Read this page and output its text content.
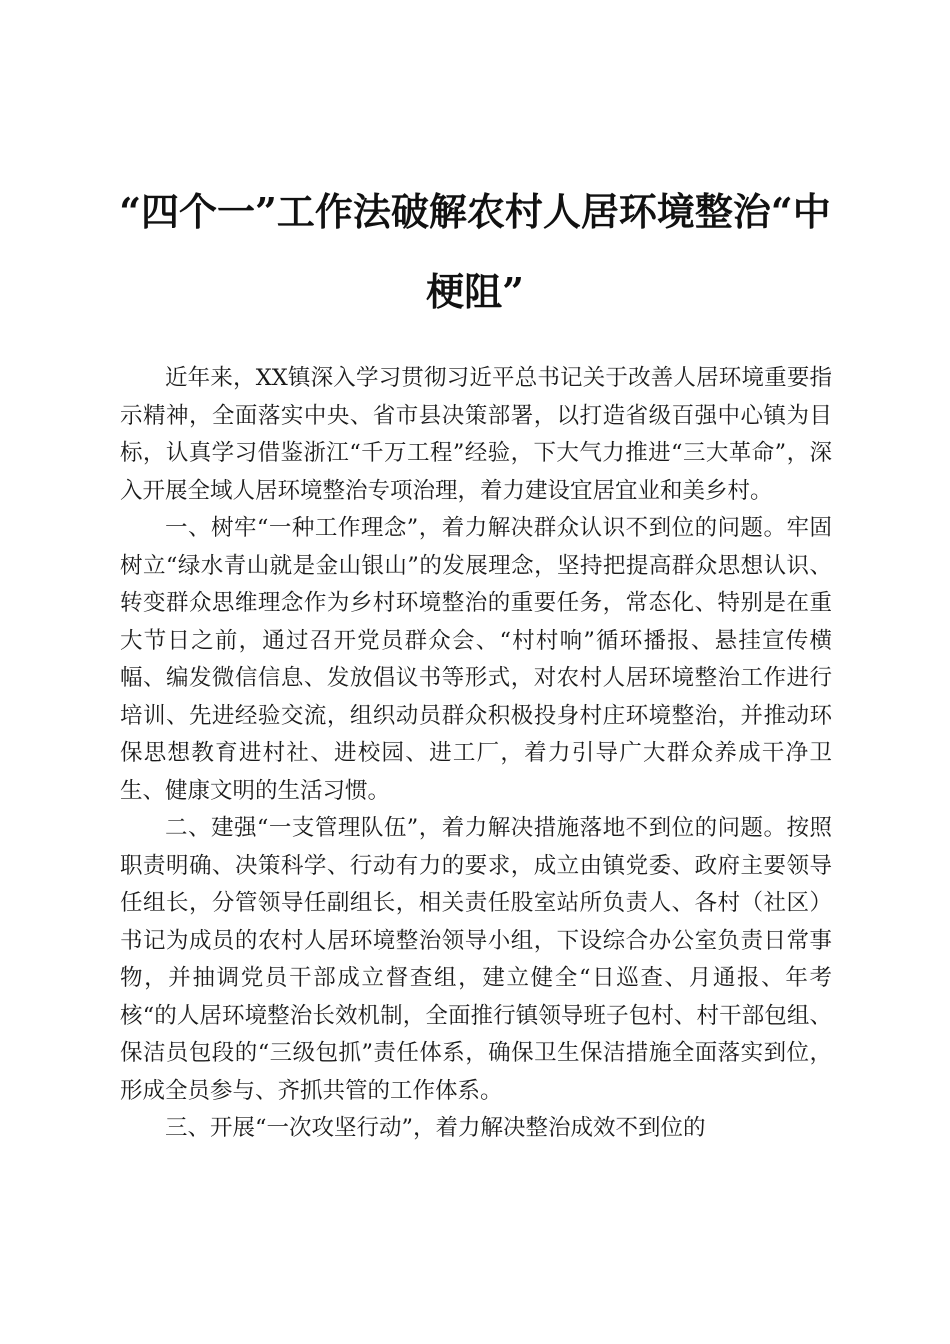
“四个一”工作法破解农村人居环境整治“中
梗阻”

近年来，XX镇深入学习贯彻习近平总书记关于改善人居环境重要指示精神，全面落实中央、省市县决策部署，以打造省级百强中心镇为目标，认真学习借鉴浙江“千万工程”经验，下大气力推进“三大革命”，深入开展全域人居环境整治专项治理，着力建设宜居宜业和美乡村。

一、树牢“一种工作理念”，着力解决群众认识不到位的问题。牢固树立“绿水青山就是金山银山”的发展理念，坚持把提高群众思想认识、转变群众思维理念作为乡村环境整治的重要任务，常态化、特别是在重大节日之前，通过召开党员群众会、“村村响”循环播报、悬挂宣传横幅、编发微信信息、发放倡议书等形式，对农村人居环境整治工作进行培训、先进经验交流，组织动员群众积极投身村庄环境整治，并推动环保思想教育进村社、进校园、进工厂，着力引导广大群众养成干净卫生、健康文明的生活习惯。

二、建强“一支管理队伍”，着力解决措施落地不到位的问题。按照职责明确、决策科学、行动有力的要求，成立由镇党委、政府主要领导任组长，分管领导任副组长，相关责任股室站所负责人、各村（社区）书记为成员的农村人居环境整治领导小组，下设综合办公室负责日常事物，并抽调党员干部成立督查组，建立健全“日巡查、月通报、年考核“的人居环境整治长效机制，全面推行镇领导班子包村、村干部包组、保洁员包段的“三级包抓”责任体系，确保卫生保洁措施全面落实到位，形成全员参与、齐抓共管的工作体系。

三、开展“一次攻坚行动”，着力解决整治成效不到位的
